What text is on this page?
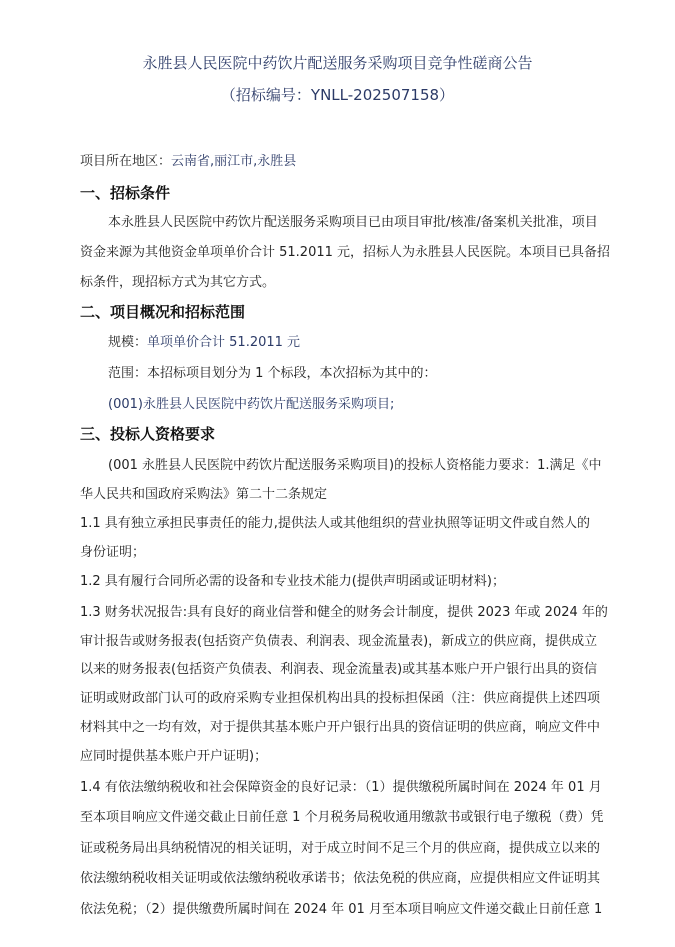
永胜县人民医院中药饮片配送服务采购项目竞争性磋商公告
（招标编号：YNLL-202507158）
项目所在地区：云南省,丽江市,永胜县
一、招标条件
本永胜县人民医院中药饮片配送服务采购项目已由项目审批/核准/备案机关批准，项目
资金来源为其他资金单项单价合计 51.2011 元，招标人为永胜县人民医院。本项目已具备招
标条件，现招标方式为其它方式。
二、项目概况和招标范围
规模：单项单价合计 51.2011 元
范围：本招标项目划分为 1 个标段，本次招标为其中的：
(001)永胜县人民医院中药饮片配送服务采购项目;
三、投标人资格要求
(001 永胜县人民医院中药饮片配送服务采购项目)的投标人资格能力要求：1.满足《中
华人民共和国政府采购法》第二十二条规定
1.1 具有独立承担民事责任的能力,提供法人或其他组织的营业执照等证明文件或自然人的
身份证明；
1.2 具有履行合同所必需的设备和专业技术能力(提供声明函或证明材料)；
1.3 财务状况报告:具有良好的商业信誉和健全的财务会计制度，提供 2023 年或 2024 年的
审计报告或财务报表(包括资产负债表、利润表、现金流量表)，新成立的供应商，提供成立
以来的财务报表(包括资产负债表、利润表、现金流量表)或其基本账户开户银行出具的资信
证明或财政部门认可的政府采购专业担保机构出具的投标担保函（注：供应商提供上述四项
材料其中之一均有效，对于提供其基本账户开户银行出具的资信证明的供应商，响应文件中
应同时提供基本账户开户证明)；
1.4 有依法缴纳税收和社会保障资金的良好记录：（1）提供缴税所属时间在 2024 年 01 月
至本项目响应文件递交截止日前任意 1 个月税务局税收通用缴款书或银行电子缴税（费）凭
证或税务局出具纳税情况的相关证明，对于成立时间不足三个月的供应商，提供成立以来的
依法缴纳税收相关证明或依法缴纳税收承诺书；依法免税的供应商，应提供相应文件证明其
依法免税；（2）提供缴费所属时间在 2024 年 01 月至本项目响应文件递交截止日前任意 1
